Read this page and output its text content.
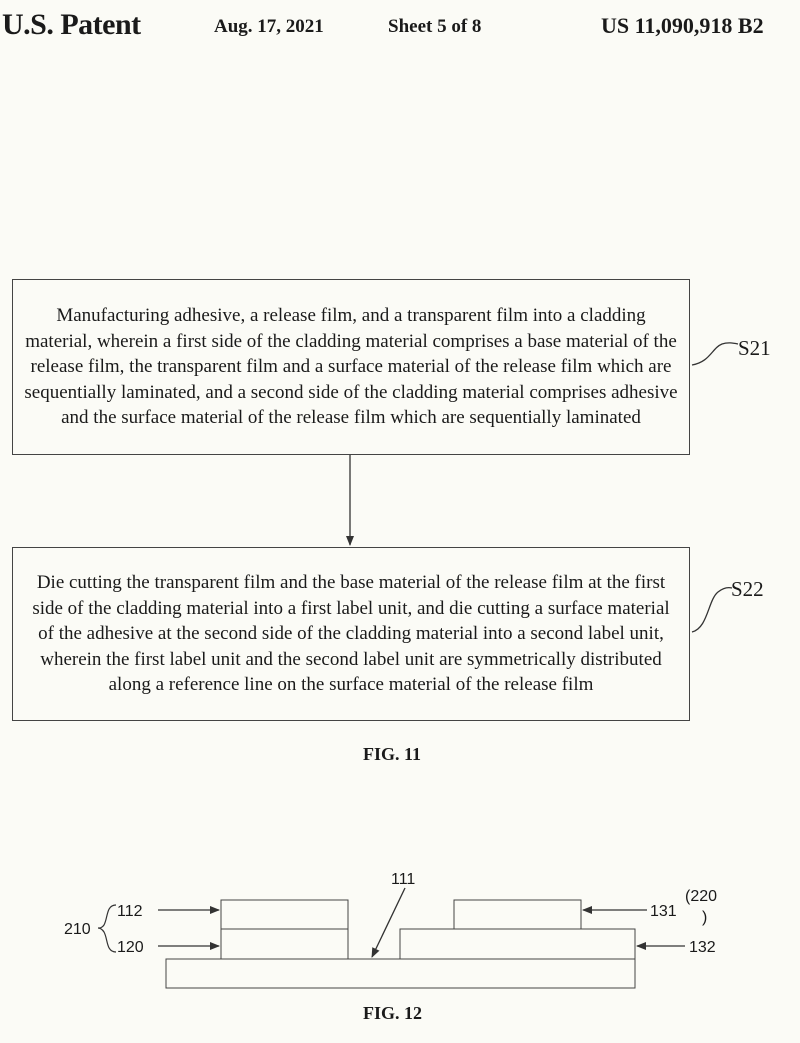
U.S. Patent	Aug. 17, 2021	Sheet 5 of 8	US 11,090,918 B2
Manufacturing adhesive, a release film, and a transparent film into a cladding material, wherein a first side of the cladding material comprises a base material of the release film, the transparent film and a surface material of the release film which are sequentially laminated, and a second side of the cladding material comprises adhesive and the surface material of the release film which are sequentially laminated
Die cutting the transparent film and the base material of the release film at the first side of the cladding material into a first label unit, and die cutting a surface material of the adhesive at the second side of the cladding material into a second label unit, wherein the first label unit and the second label unit are symmetrically distributed along a reference line on the surface material of the release film
S21
S22
FIG. 11
112
120
210
111
131
(220
)
132
FIG. 12
